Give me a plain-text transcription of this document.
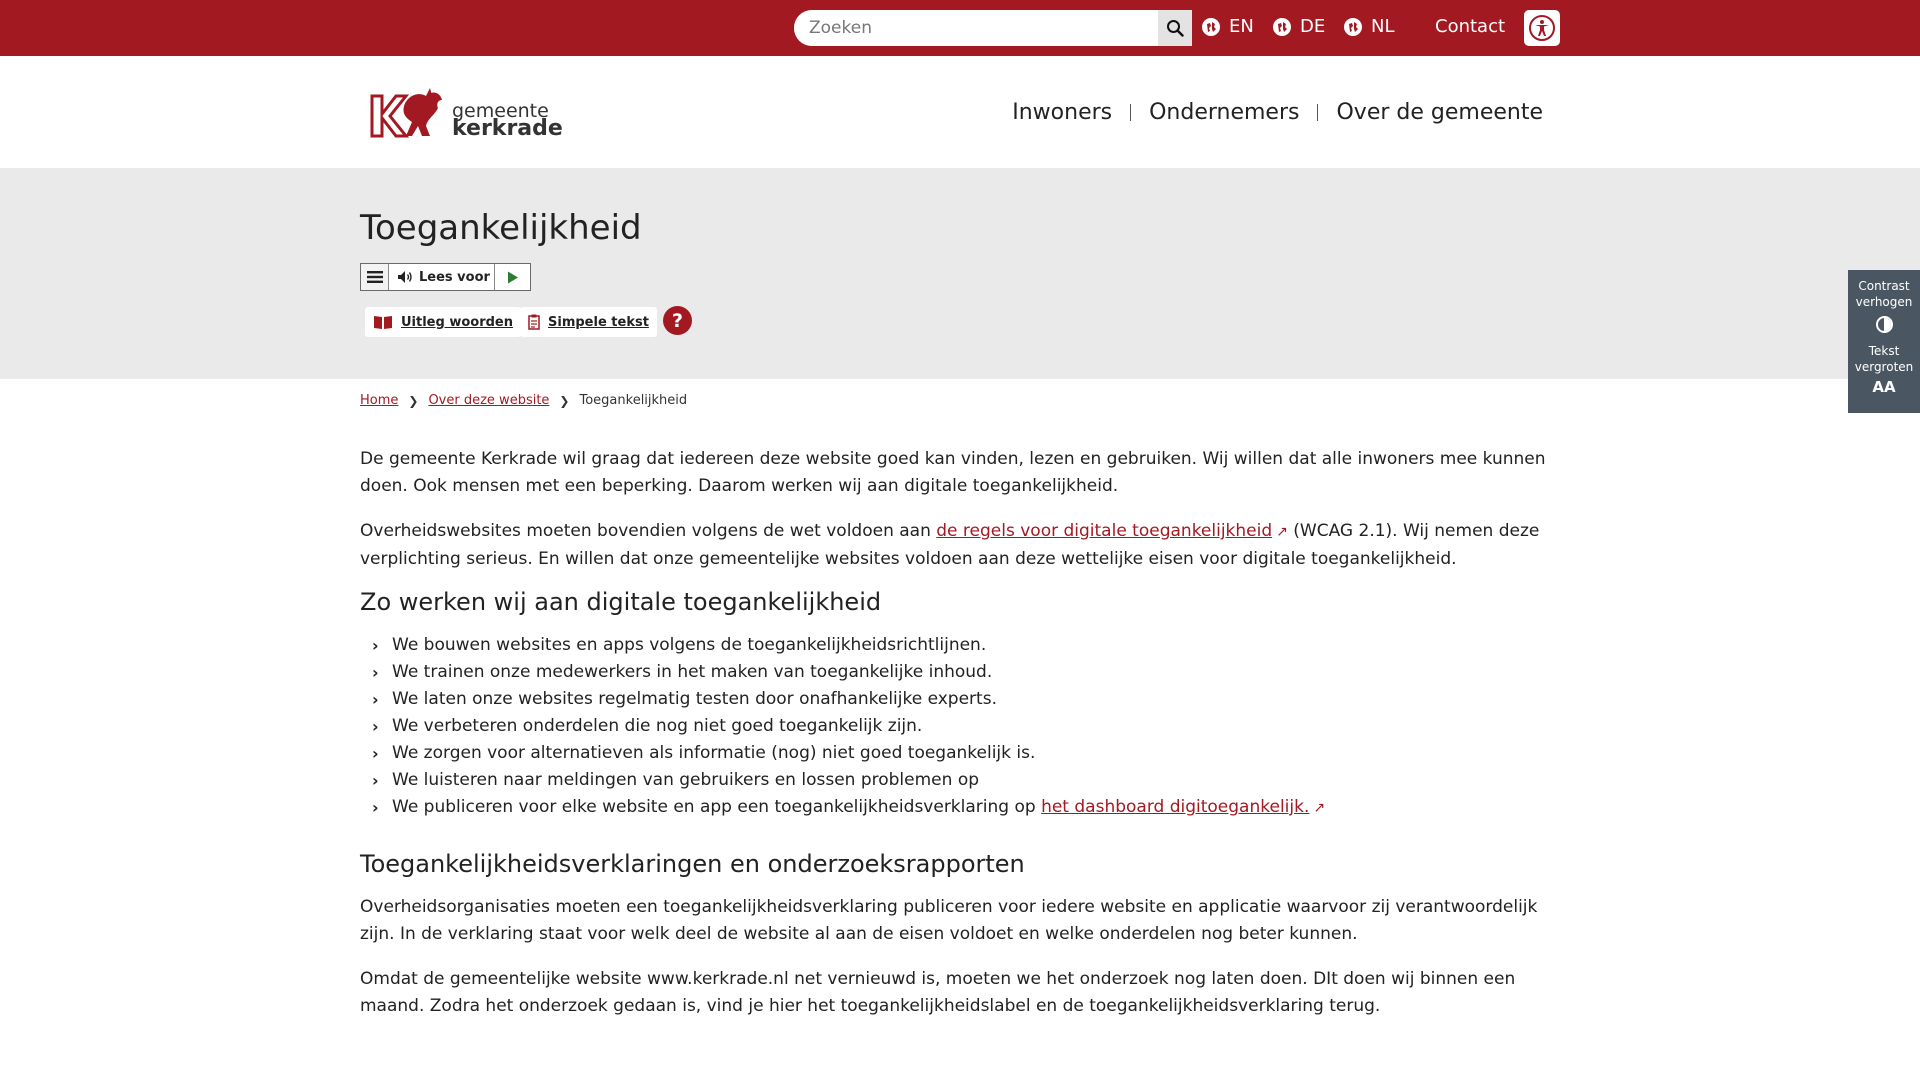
Zoeken
EN	DE	NL Contact
gemeente
kerkrade
Inwoners Ondernemers Over de gemeente
Toegankelijkheid
Lees voor
Uitleg woorden	Simpele tekst	?
Contrast verhogen
Tekst vergroten
AA
Home ❯ Over deze website ❯ Toegankelijkheid

De gemeente Kerkrade wil graag dat iedereen deze website goed kan vinden, lezen en gebruiken. Wij willen dat alle inwoners mee kunnen doen. Ook mensen met een beperking. Daarom werken wij aan digitale toegankelijkheid.

Overheidswebsites moeten bovendien volgens de wet voldoen aan de regels voor digitale toegankelijkheid ↗ (WCAG 2.1). Wij nemen deze verplichting serieus. En willen dat onze gemeentelijke websites voldoen aan deze wettelijke eisen voor digitale toegankelijkheid.

Zo werken wij aan digitale toegankelijkheid
› We bouwen websites en apps volgens de toegankelijkheidsrichtlijnen.
› We trainen onze medewerkers in het maken van toegankelijke inhoud.
› We laten onze websites regelmatig testen door onafhankelijke experts.
› We verbeteren onderdelen die nog niet goed toegankelijk zijn.
› We zorgen voor alternatieven als informatie (nog) niet goed toegankelijk is.
› We luisteren naar meldingen van gebruikers en lossen problemen op
› We publiceren voor elke website en app een toegankelijkheidsverklaring op het dashboard digitoegankelijk. ↗
Toegankelijkheidsverklaringen en onderzoeksrapporten

Overheidsorganisaties moeten een toegankelijkheidsverklaring publiceren voor iedere website en applicatie waarvoor zij verantwoordelijk zijn. In de verklaring staat voor welk deel de website al aan de eisen voldoet en welke onderdelen nog beter kunnen.

Omdat de gemeentelijke website www.kerkrade.nl net vernieuwd is, moeten we het onderzoek nog laten doen. DIt doen wij binnen een maand. Zodra het onderzoek gedaan is, vind je hier het toegankelijkheidslabel en de toegankelijkheidsverklaring terug.
